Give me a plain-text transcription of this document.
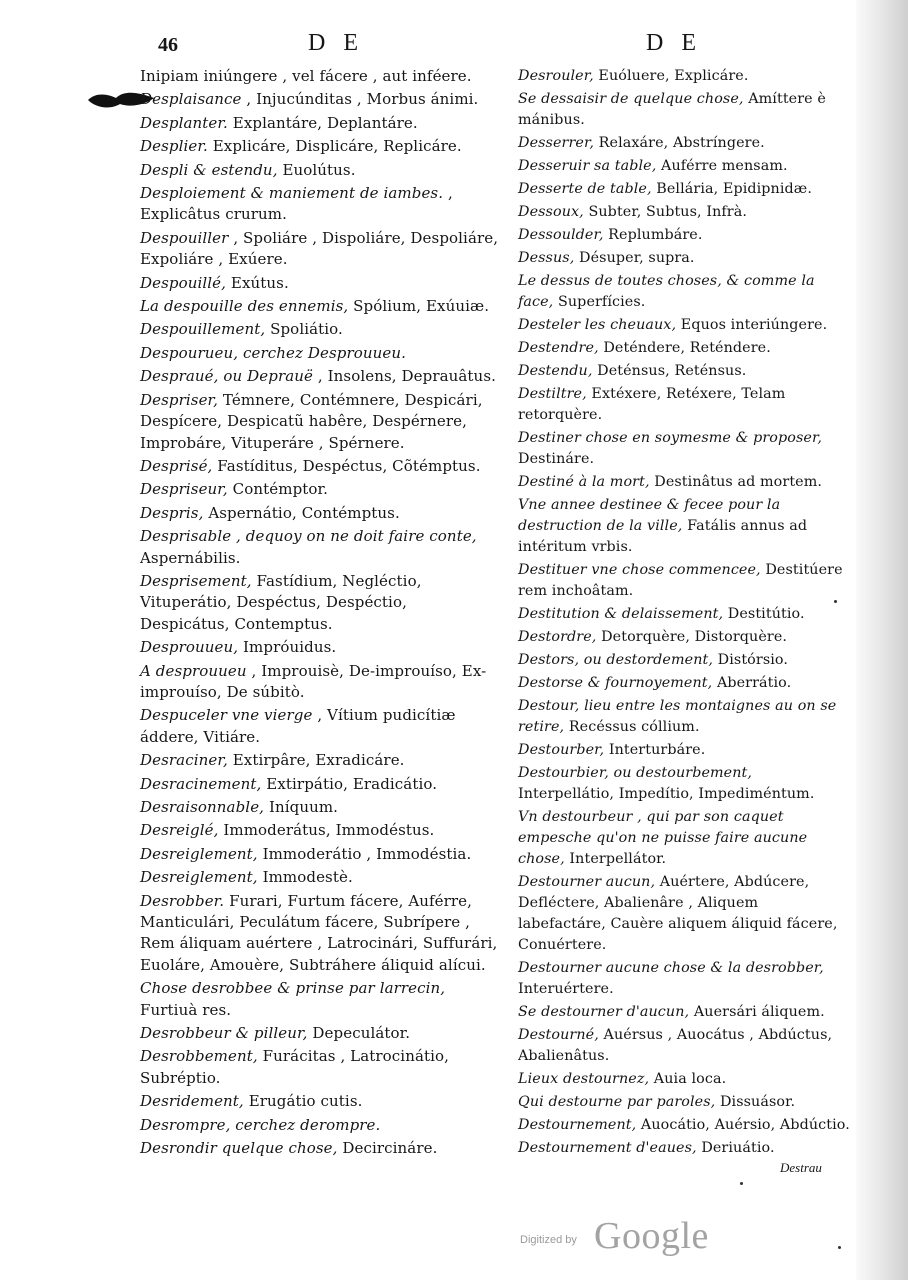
46	D E	D E
Inipiam iniúngere , vel fácere , aut inféere.
Desplaisance , Injucúnditas , Morbus ánimi.
Desplanter. Explantáre, Deplantáre.
Desplier. Explicáre, Displicáre, Replicáre.
Despli & estendu, Euolútus.
Desploiement & maniement de iambes. , Explicâtus crurum.
Despouiller , Spoliáre , Dispoliáre, Despoliáre, Expoliáre , Exúere.
Despouillé, Exútus.
La despouille des ennemis, Spólium, Exúuiæ.
Despouillement, Spoliátio.
Despourueu, cerchez Desprouueu.
Despraué, ou Deprauë , Insolens, Deprauâtus.
Despriser, Témnere, Contémnere, Despicári, Despícere, Despicatũ habêre, Despérnere, Improbáre, Vituperáre , Spérnere.
Desprisé, Fastíditus, Despéctus, Cõtémptus.
Despriseur, Contémptor.
Despris, Aspernátio, Contémptus.
Desprisable , dequoy on ne doit faire conte, Aspernábilis.
Desprisement, Fastídium, Negléctio, Vituperátio, Despéctus, Despéctio, Despicátus, Contemptus.
Desprouueu, Impróuidus.
A desprouueu , Improuisè, De-improuíso, Ex-improuíso, De súbitò.
Despuceler vne vierge , Vítium pudicítiæ áddere, Vitiáre.
Desraciner, Extirpâre, Exradicáre.
Desracinement, Extirpátio, Eradicátio.
Desraisonnable, Iníquum.
Desreiglé, Immoderátus, Immodéstus.
Desreiglement, Immoderátio , Immodéstia.
Desreiglement, Immodestè.
Desrobber. Furari, Furtum fácere, Auférre, Manticulári, Peculátum fácere, Subrípere , Rem áliquam auértere , Latrocinári, Suffurári, Euoláre, Amouère, Subtráhere áliquid alícui.
Chose desrobbee & prinse par larrecin, Furtiuà res.
Desrobbeur & pilleur, Depeculátor.
Desrobbement, Furácitas , Latrocinátio, Subréptio.
Desridement, Erugátio cutis.
Desrompre, cerchez derompre.
Desrondir quelque chose, Decircináre.
Desrouler, Euóluere, Explicáre.
Se dessaisir de quelque chose, Amíttere è mánibus.
Desserrer, Relaxáre, Abstríngere.
Desseruir sa table, Auférre mensam.
Desserte de table, Bellária, Epidipnidæ.
Dessoux, Subter, Subtus, Infrà.
Dessoulder, Replumbáre.
Dessus, Désuper, supra.
Le dessus de toutes choses, & comme la face, Superfícies.
Desteler les cheuaux, Equos interiúngere.
Destendre, Deténdere, Reténdere.
Destendu, Deténsus, Reténsus.
Destiltre, Extéxere, Retéxere, Telam retorquère.
Destiner chose en soymesme & proposer, Destináre.
Destiné à la mort, Destinâtus ad mortem.
Vne annee destinee & fecee pour la destruction de la ville, Fatális annus ad intéritum vrbis.
Destituer vne chose commencee, Destitúere rem inchoâtam.
Destitution & delaissement, Destitútio.
Destordre, Detorquère, Distorquère.
Destors, ou destordement, Distórsio.
Destorse & fournoyement, Aberrátio.
Destour, lieu entre les montaignes au on se retire, Recéssus cóllium.
Destourber, Interturbáre.
Destourbier, ou destourbement, Interpellátio, Impedítio, Impediméntum.
Vn destourbeur , qui par son caquet empesche qu'on ne puisse faire aucune chose, Interpellátor.
Destourner aucun, Auértere, Abdúcere, Defléctere, Abalienâre , Aliquem labefactáre, Cauère aliquem áliquid fácere, Conuértere.
Destourner aucune chose & la desrobber, Interuértere.
Se destourner d'aucun, Auersári áliquem.
Destourné, Auérsus , Auocátus , Abdúctus, Abalienâtus.
Lieux destournez, Auia loca.
Qui destourne par paroles, Dissuásor.
Destournement, Auocátio, Auérsio, Abdúctio.
Destournement d'eaues, Deriuátio.
Destrau
Digitized by Google
